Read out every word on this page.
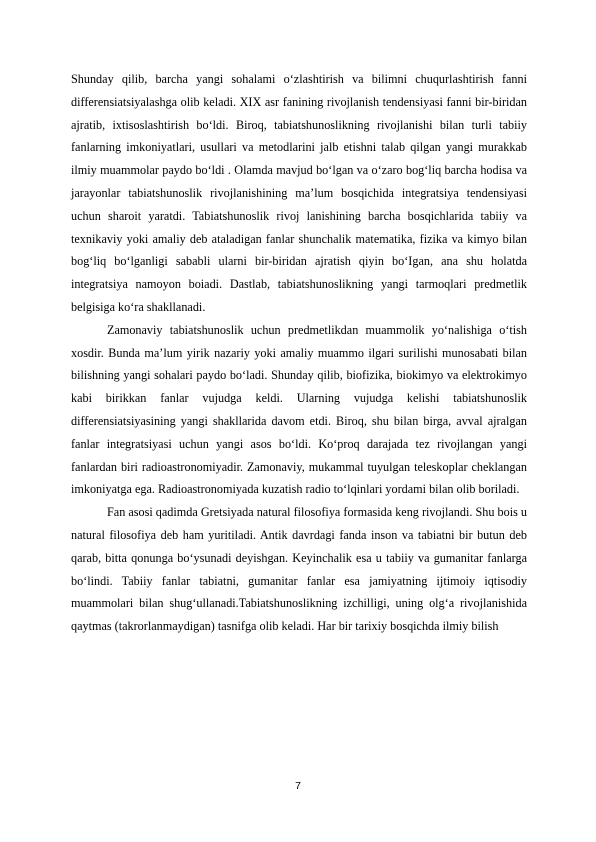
Shunday qilib, barcha yangi sohalami o‘zlashtirish va bilimni chuqurlashtirish fanni differensiatsiyalashga olib keladi. XIX asr fanining rivojlanish tendensiyasi fanni bir-biridan ajratib, ixtisoslashtirish bo‘ldi. Biroq, tabiatshunoslikning rivojlanishi bilan turli tabiiy fanlarning imkoniyatlari, usullari va metodlarini jalb etishni talab qilgan yangi murakkab ilmiy muammolar paydo bo‘ldi . Olamda mavjud bo‘lgan va o‘zaro bog‘liq barcha hodisa va jarayonlar tabiatshunoslik rivojlanishining ma’lum bosqichida integratsiya tendensiyasi uchun sharoit yaratdi. Tabiatshunoslik rivoj lanishining barcha bosqichlarida tabiiy va texnikaviy yoki amaliy deb ataladigan fanlar shunchalik matematika, fizika va kimyo bilan bog‘liq bo‘lganligi sababli ularni bir-biridan ajratish qiyin bo‘Igan, ana shu holatda integratsiya namoyon boiadi. Dastlab, tabiatshunoslikning yangi tarmoqlari predmetlik belgisiga ko‘ra shakllanadi.

Zamonaviy tabiatshunoslik uchun predmetlikdan muammolik yo‘nalishiga o‘tish xosdir. Bunda ma’lum yirik nazariy yoki amaliy muammo ilgari surilishi munosabati bilan bilishning yangi sohalari paydo bo‘ladi. Shunday qilib, biofizika, biokimyo va elektrokimyo kabi birikkan fanlar vujudga keldi. Ularning vujudga kelishi tabiatshunoslik differensiatsiyasining yangi shakllarida davom etdi. Biroq, shu bilan birga, avval ajralgan fanlar integratsiyasi uchun yangi asos bo‘ldi. Ko‘proq darajada tez rivojlangan yangi fanlardan biri radioastronomiyadir. Zamonaviy, mukammal tuyulgan teleskoplar cheklangan imkoniyatga ega. Radioastronomiyada kuzatish radio to‘lqinlari yordami bilan olib boriladi.

Fan asosi qadimda Gretsiyada natural filosofiya formasida keng rivojlandi. Shu bois u natural filosofiya deb ham yuritiladi. Antik davrdagi fanda inson va tabiatni bir butun deb qarab, bitta qonunga bo‘ysunadi deyishgan. Keyinchalik esa u tabiiy va gumanitar fanlarga bo‘lindi. Tabiiy fanlar tabiatni, gumanitar fanlar esa jamiyatning ijtimoiy iqtisodiy muammolari bilan shug‘ullanadi.Tabiatshunoslikning izchilligi, uning olg‘a rivojlanishida qaytmas (takrorlanmaydigan) tasnifga olib keladi. Har bir tarixiy bosqichda ilmiy bilish

7
